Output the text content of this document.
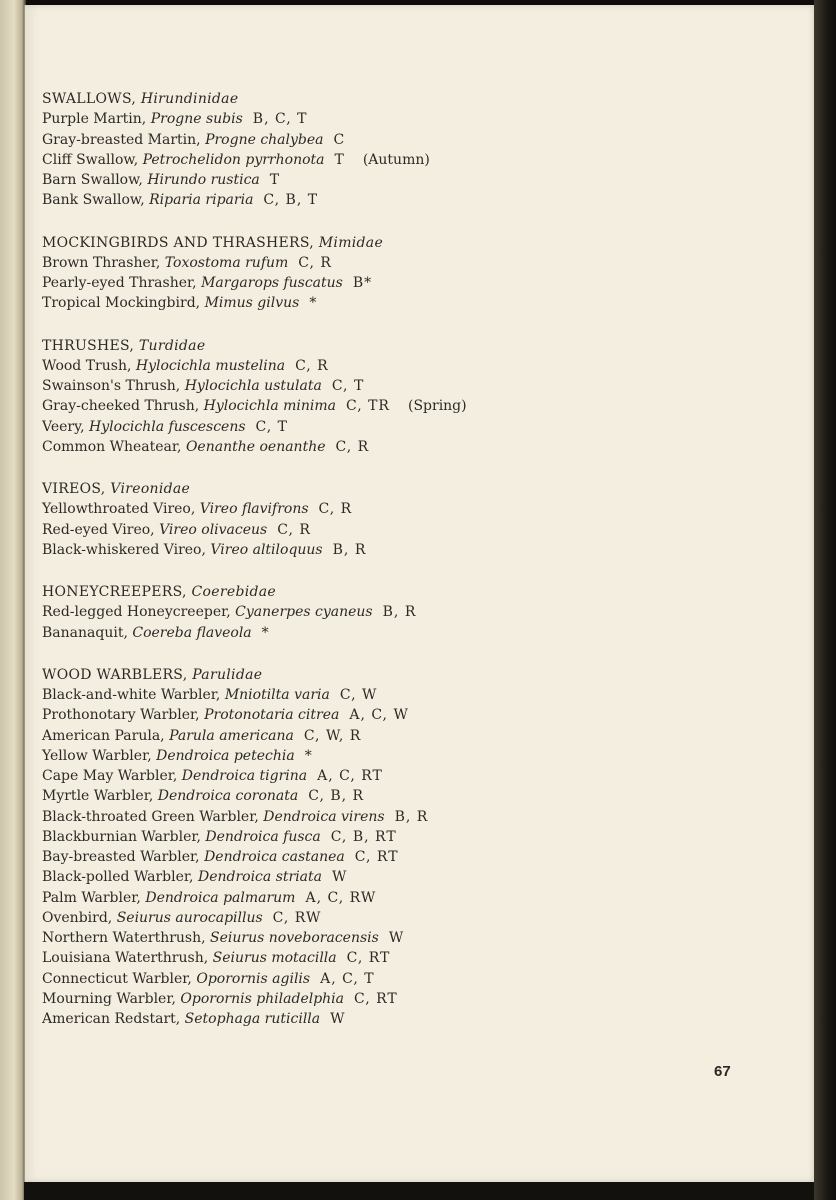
SWALLOWS, Hirundinidae
Purple Martin, Progne subis B, C, T
Gray-breasted Martin, Progne chalybea C
Cliff Swallow, Petrochelidon pyrrhonota T (Autumn)
Barn Swallow, Hirundo rustica T
Bank Swallow, Riparia riparia C, B, T
MOCKINGBIRDS AND THRASHERS, Mimidae
Brown Thrasher, Toxostoma rufum C, R
Pearly-eyed Thrasher, Margarops fuscatus B*
Tropical Mockingbird, Mimus gilvus *
THRUSHES, Turdidae
Wood Trush, Hylocichla mustelina C, R
Swainson's Thrush, Hylocichla ustulata C, T
Gray-cheeked Thrush, Hylocichla minima C, TR (Spring)
Veery, Hylocichla fuscescens C, T
Common Wheatear, Oenanthe oenanthe C, R
VIREOS, Vireonidae
Yellowthroated Vireo, Vireo flavifrons C, R
Red-eyed Vireo, Vireo olivaceus C, R
Black-whiskered Vireo, Vireo altiloquus B, R
HONEYCREEPERS, Coerebidae
Red-legged Honeycreeper, Cyanerpes cyaneus B, R
Bananaquit, Coereba flaveola *
WOOD WARBLERS, Parulidae
Black-and-white Warbler, Mniotilta varia C, W
Prothonotary Warbler, Protonotaria citrea A, C, W
American Parula, Parula americana C, W, R
Yellow Warbler, Dendroica petechia *
Cape May Warbler, Dendroica tigrina A, C, RT
Myrtle Warbler, Dendroica coronata C, B, R
Black-throated Green Warbler, Dendroica virens B, R
Blackburnian Warbler, Dendroica fusca C, B, RT
Bay-breasted Warbler, Dendroica castanea C, RT
Black-polled Warbler, Dendroica striata W
Palm Warbler, Dendroica palmarum A, C, RW
Ovenbird, Seiurus aurocapillus C, RW
Northern Waterthrush, Seiurus noveboracensis W
Louisiana Waterthrush, Seiurus motacilla C, RT
Connecticut Warbler, Oporornis agilis A, C, T
Mourning Warbler, Oporornis philadelphia C, RT
American Redstart, Setophaga ruticilla W
67
